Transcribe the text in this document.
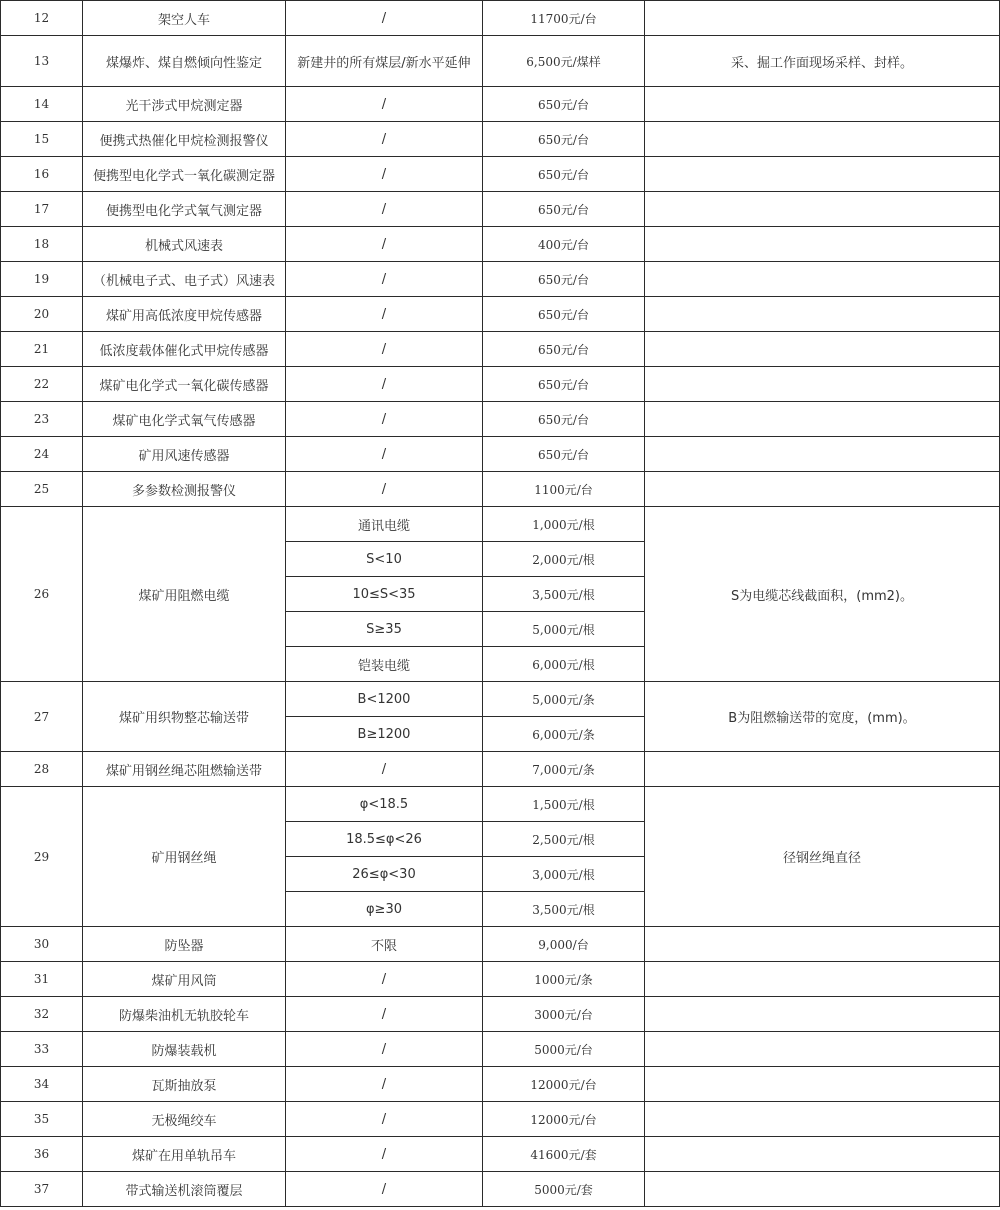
12	架空人车	/	11700元/台	
13	煤爆炸、煤自燃倾向性鉴定	新建井的所有煤层/新水平延伸	6,500元/煤样	采、掘工作面现场采样、封样。
14	光干涉式甲烷测定器	/	650元/台	
15	便携式热催化甲烷检测报警仪	/	650元/台	
16	便携型电化学式一氧化碳测定器	/	650元/台	
17	便携型电化学式氧气测定器	/	650元/台	
18	机械式风速表	/	400元/台	
19	（机械电子式、电子式）风速表	/	650元/台	
20	煤矿用高低浓度甲烷传感器	/	650元/台	
21	低浓度载体催化式甲烷传感器	/	650元/台	
22	煤矿电化学式一氧化碳传感器	/	650元/台	
23	煤矿电化学式氧气传感器	/	650元/台	
24	矿用风速传感器	/	650元/台	
25	多参数检测报警仪	/	1100元/台	
26	煤矿用阻燃电缆	通讯电缆	1,000元/根	S为电缆芯线截面积，(mm2)。
		S<10	2,000元/根	
		10≤S<35	3,500元/根	
		S≥35	5,000元/根	
		铠装电缆	6,000元/根	
27	煤矿用织物整芯输送带	B<1200	5,000元/条	B为阻燃输送带的宽度，(mm)。
		B≥1200	6,000元/条	
28	煤矿用钢丝绳芯阻燃输送带	/	7,000元/条	
29	矿用钢丝绳	φ<18.5	1,500元/根	径钢丝绳直径
		18.5≤φ<26	2,500元/根	
		26≤φ<30	3,000元/根	
		φ≥30	3,500元/根	
30	防坠器	不限	9,000/台	
31	煤矿用风筒	/	1000元/条	
32	防爆柴油机无轨胶轮车	/	3000元/台	
33	防爆装载机	/	5000元/台	
34	瓦斯抽放泵	/	12000元/台	
35	无极绳绞车	/	12000元/台	
36	煤矿在用单轨吊车	/	41600元/套	
37	带式输送机滚筒覆层	/	5000元/套	
